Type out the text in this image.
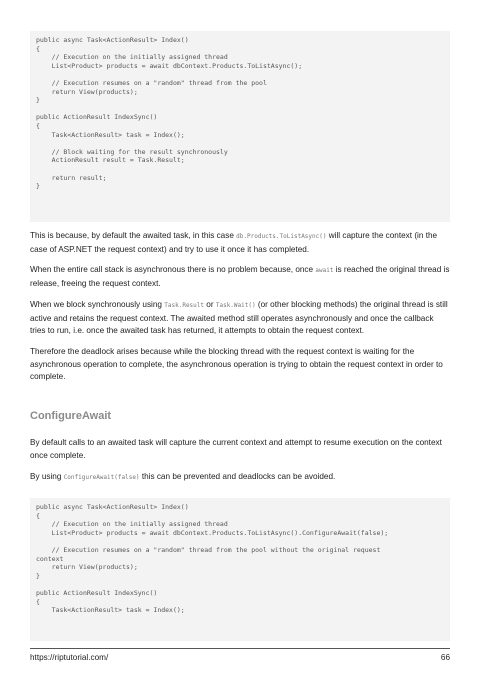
public async Task<ActionResult> Index()
{
// Execution on the initially assigned thread
List<Product> products = await dbContext.Products.ToListAsync();
// Execution resumes on a "random" thread from the pool
return View(products);
}
public ActionResult IndexSync()
{
Task<ActionResult> task = Index();
// Block waiting for the result synchronously
ActionResult result = Task.Result;
return result;
}
This is because, by default the awaited task, in this case db.Products.ToListAsync() will capture the context (in the case of ASP.NET the request context) and try to use it once it has completed.
When the entire call stack is asynchronous there is no problem because, once await is reached the original thread is release, freeing the request context.
When we block synchronously using Task.Result or Task.Wait() (or other blocking methods) the original thread is still active and retains the request context. The awaited method still operates asynchronously and once the callback tries to run, i.e. once the awaited task has returned, it attempts to obtain the request context.
Therefore the deadlock arises because while the blocking thread with the request context is waiting for the asynchronous operation to complete, the asynchronous operation is trying to obtain the request context in order to complete.
ConfigureAwait
By default calls to an awaited task will capture the current context and attempt to resume execution on the context once complete.
By using ConfigureAwait(false) this can be prevented and deadlocks can be avoided.
public async Task<ActionResult> Index()
{
// Execution on the initially assigned thread
List<Product> products = await dbContext.Products.ToListAsync().ConfigureAwait(false);
// Execution resumes on a "random" thread from the pool without the original request
context
return View(products);
}
public ActionResult IndexSync()
{
Task<ActionResult> task = Index();
https://riptutorial.com/	66
